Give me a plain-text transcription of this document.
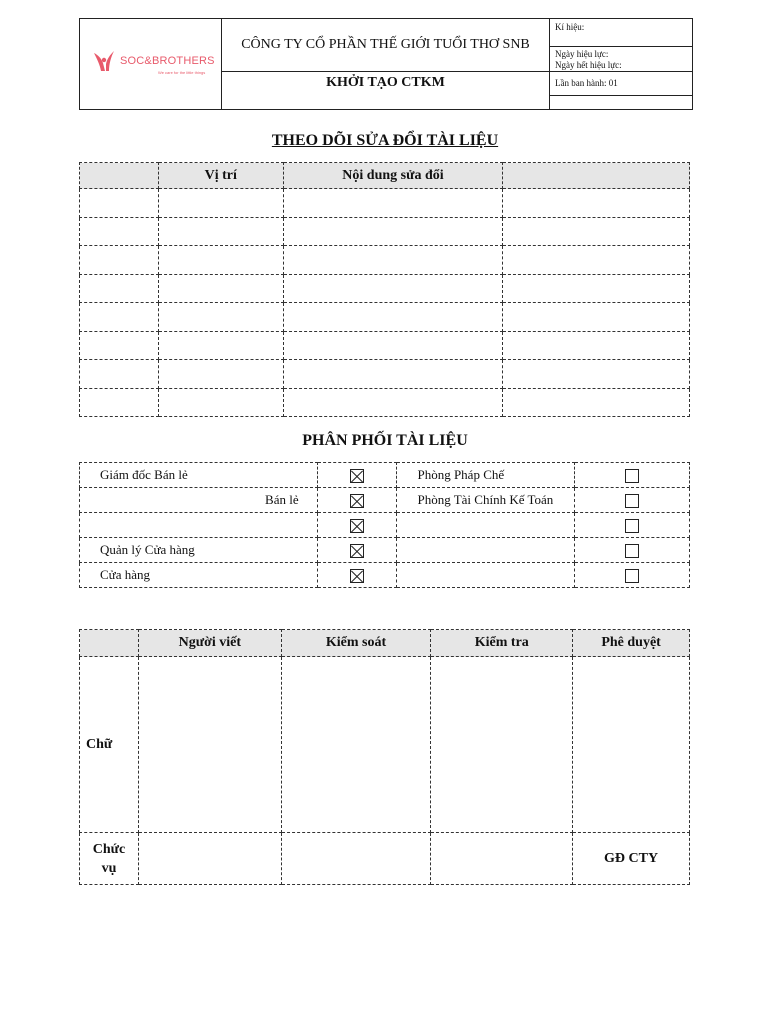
SOC&BROTHERS
We care for the little things
CÔNG TY CỔ PHẦN THẾ GIỚI TUỔI THƠ SNB
KHỞI TẠO CTKM
Kí hiệu:
Ngày hiệu lực:
Ngày hết hiệu lực:
Lần ban hành: 01
THEO DÕI SỬA ĐỔI TÀI LIỆU
	Vị trí	Nội dung sửa đổi	

PHÂN PHỐI TÀI LIỆU
Giám đốc Bán lẻ		Phòng Pháp Chế	
Bán lẻ		Phòng Tài Chính Kế Toán	

Quản lý Cửa hàng			
Cửa hàng			
	Người viết	Kiểm soát	Kiểm tra	Phê duyệt
Chữ				

Chức
vụ				GĐ CTY
